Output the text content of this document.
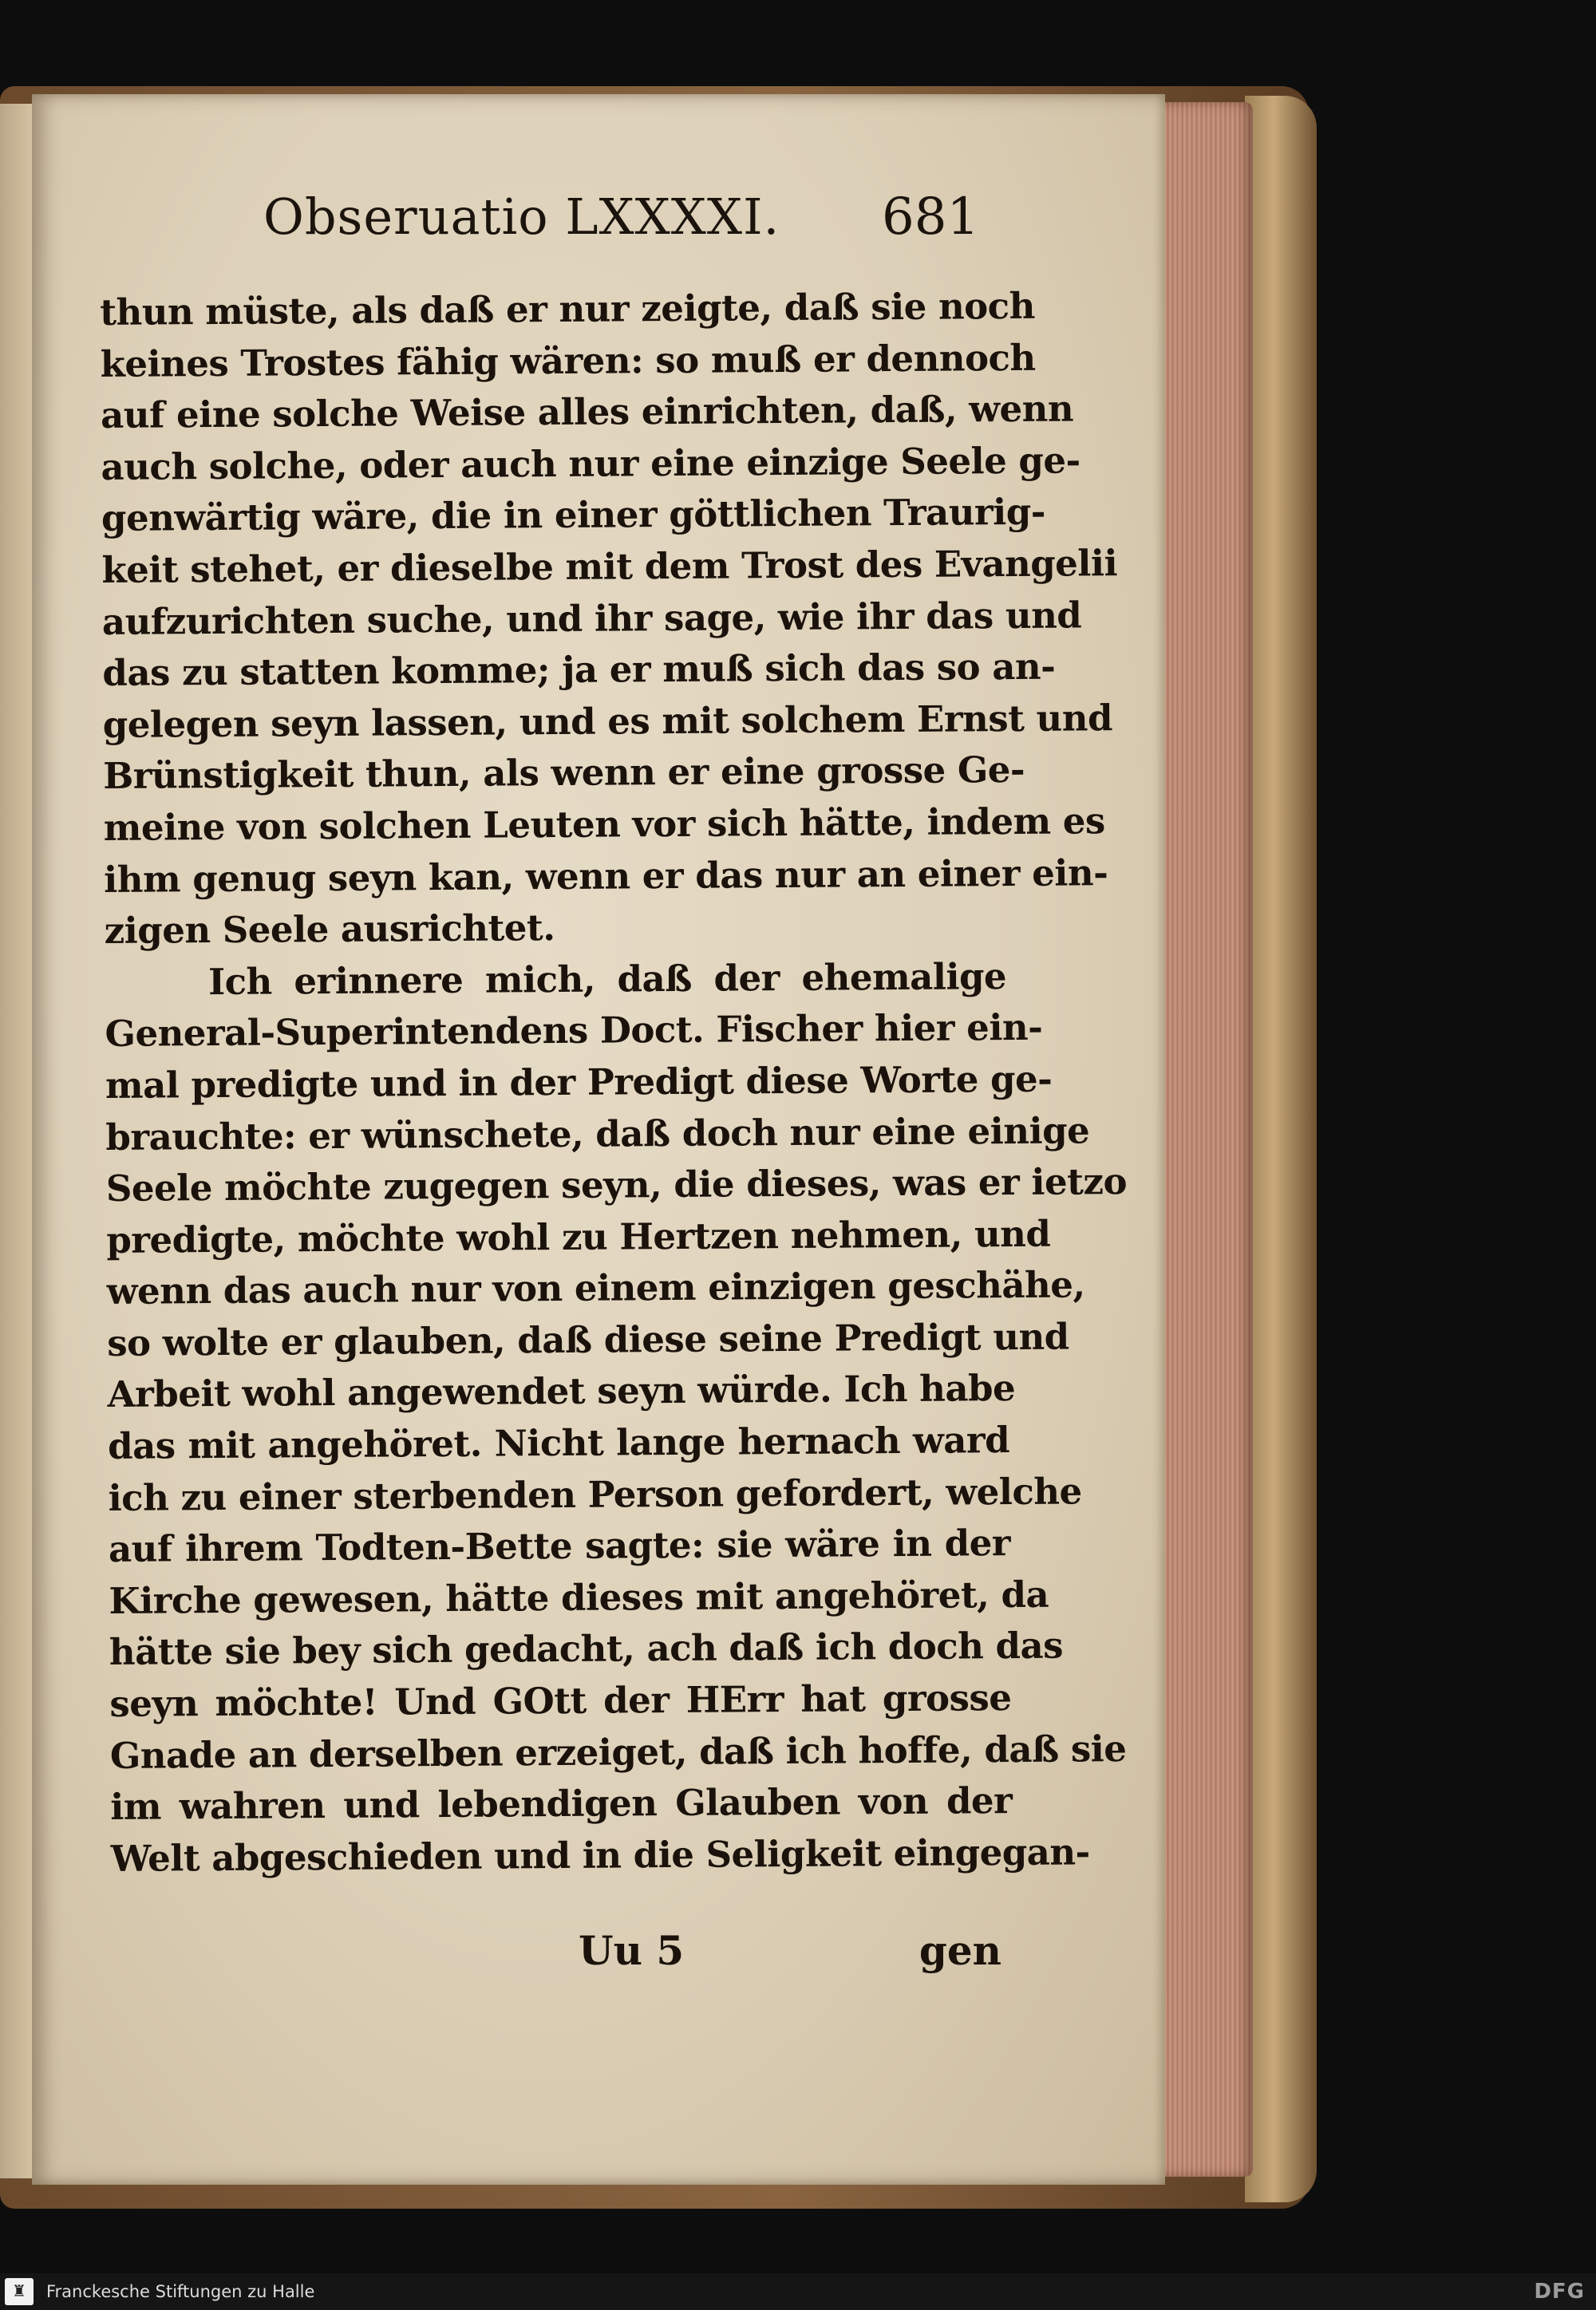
Obseruatio LXXXXI. 681
thun müste, als daß er nur zeigte, daß sie noch
keines Trostes fähig wären: so muß er dennoch
auf eine solche Weise alles einrichten, daß, wenn
auch solche, oder auch nur eine einzige Seele ge-
genwärtig wäre, die in einer göttlichen Traurig-
keit stehet, er dieselbe mit dem Trost des Evangelii
aufzurichten suche, und ihr sage, wie ihr das und
das zu statten komme; ja er muß sich das so an-
gelegen seyn lassen, und es mit solchem Ernst und
Brünstigkeit thun, als wenn er eine grosse Ge-
meine von solchen Leuten vor sich hätte, indem es
ihm genug seyn kan, wenn er das nur an einer ein-
zigen Seele ausrichtet.
Ich erinnere mich, daß der ehemalige
General-Superintendens Doct. Fischer hier ein-
mal predigte und in der Predigt diese Worte ge-
brauchte: er wünschete, daß doch nur eine einige
Seele möchte zugegen seyn, die dieses, was er ietzo
predigte, möchte wohl zu Hertzen nehmen, und
wenn das auch nur von einem einzigen geschähe,
so wolte er glauben, daß diese seine Predigt und
Arbeit wohl angewendet seyn würde. Ich habe
das mit angehöret. Nicht lange hernach ward
ich zu einer sterbenden Person gefordert, welche
auf ihrem Todten-Bette sagte: sie wäre in der
Kirche gewesen, hätte dieses mit angehöret, da
hätte sie bey sich gedacht, ach daß ich doch das
seyn möchte! Und GOtt der HErr hat grosse
Gnade an derselben erzeiget, daß ich hoffe, daß sie
im wahren und lebendigen Glauben von der
Welt abgeschieden und in die Seligkeit eingegan-
Uu 5	gen
♜ Franckesche Stiftungen zu Halle	DFG
